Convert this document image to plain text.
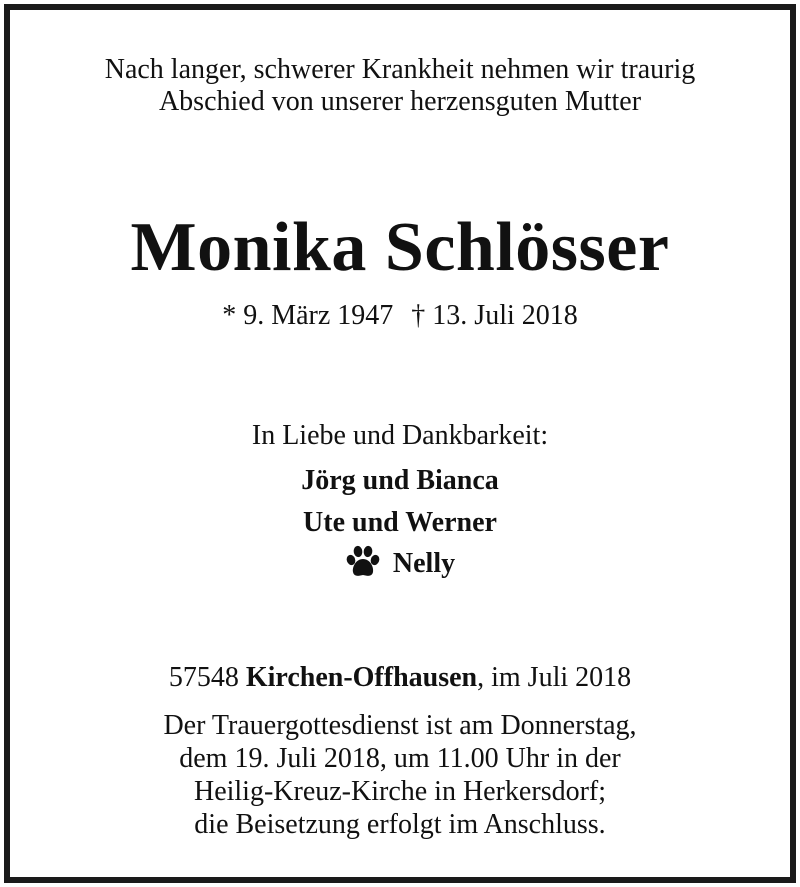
Nach langer, schwerer Krankheit nehmen wir traurig
Abschied von unserer herzensguten Mutter
Monika Schlösser
* 9. März 1947 † 13. Juli 2018
In Liebe und Dankbarkeit:
Jörg und Bianca
Ute und Werner
Nelly
57548 Kirchen-Offhausen, im Juli 2018
Der Trauergottesdienst ist am Donnerstag,
dem 19. Juli 2018, um 11.00 Uhr in der
Heilig-Kreuz-Kirche in Herkersdorf;
die Beisetzung erfolgt im Anschluss.
